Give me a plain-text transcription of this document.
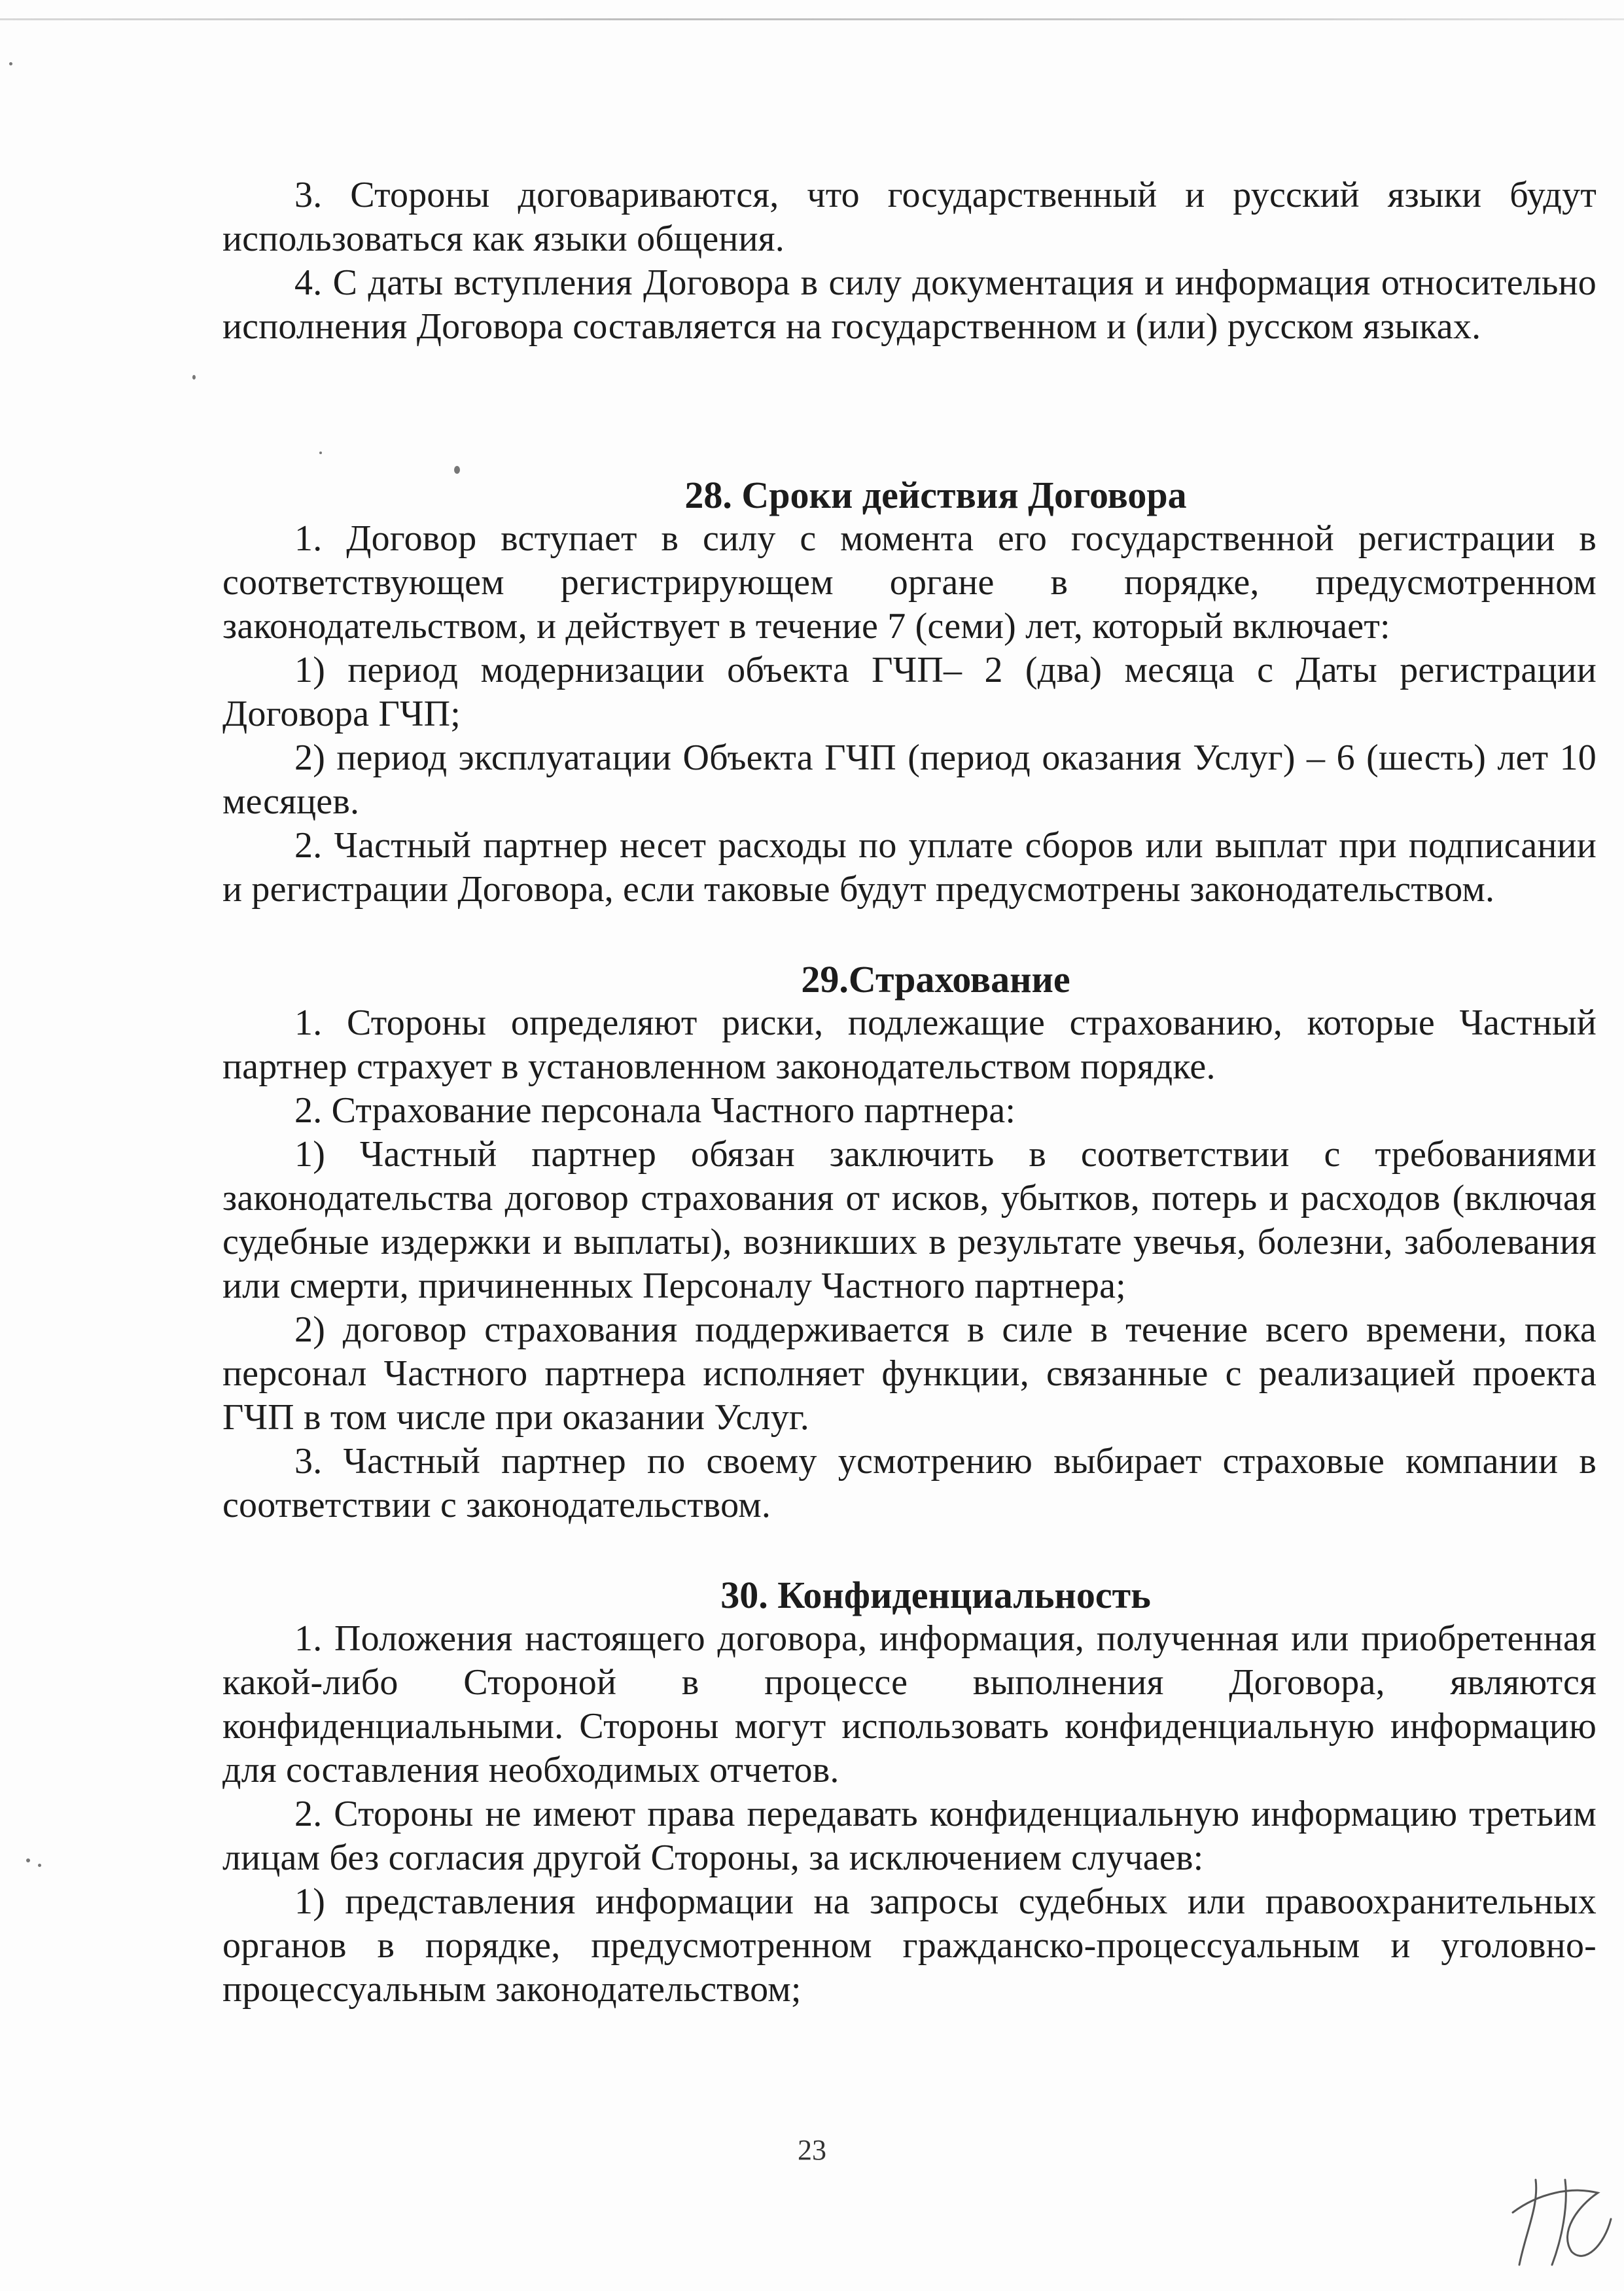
3. Стороны договариваются, что государственный и русский языки будут использоваться как языки общения.

4. С даты вступления Договора в силу документация и информация относительно исполнения Договора составляется на государственном и (или) русском языках.

28. Сроки действия Договора

1. Договор вступает в силу с момента его государственной регистрации в соответствующем регистрирующем органе в порядке, предусмотренном законодательством, и действует в течение 7 (семи) лет, который включает:

1) период модернизации объекта ГЧП– 2 (два) месяца с Даты регистрации Договора ГЧП;

2) период эксплуатации Объекта ГЧП (период оказания Услуг) – 6 (шесть) лет 10 месяцев.

2. Частный партнер несет расходы по уплате сборов или выплат при подписании и регистрации Договора, если таковые будут предусмотрены законодательством.

29.Страхование

1. Стороны определяют риски, подлежащие страхованию, которые Частный партнер страхует в установленном законодательством порядке.

2. Страхование персонала Частного партнера:

1) Частный партнер обязан заключить в соответствии с требованиями законодательства договор страхования от исков, убытков, потерь и расходов (включая судебные издержки и выплаты), возникших в результате увечья, болезни, заболевания или смерти, причиненных Персоналу Частного партнера;

2) договор страхования поддерживается в силе в течение всего времени, пока персонал Частного партнера исполняет функции, связанные с реализацией проекта ГЧП в том числе при оказании Услуг.

3. Частный партнер по своему усмотрению выбирает страховые компании в соответствии с законодательством.

30. Конфиденциальность

1. Положения настоящего договора, информация, полученная или приобретенная какой-либо Стороной в процессе выполнения Договора, являются конфиденциальными. Стороны могут использовать конфиденциальную информацию для составления необходимых отчетов.

2. Стороны не имеют права передавать конфиденциальную информацию третьим лицам без согласия другой Стороны, за исключением случаев:

1) представления информации на запросы судебных или правоохранительных органов в порядке, предусмотренном гражданско-процессуальным и уголовно-процессуальным законодательством;

23
